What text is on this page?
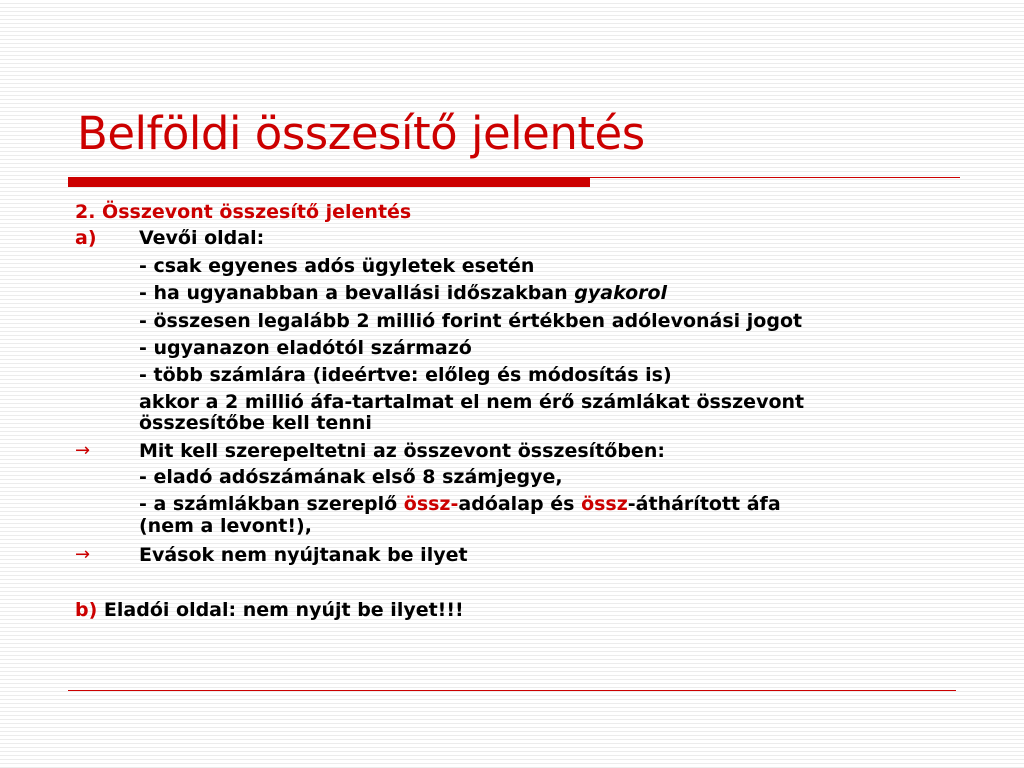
Belföldi összesítő jelentés
2. Összevont összesítő jelentés
a) Vevői oldal:
- csak egyenes adós ügyletek esetén
- ha ugyanabban a bevallási időszakban gyakorol
- összesen legalább 2 millió forint értékben adólevonási jogot
- ugyanazon eladótól származó
- több számlára (ideértve: előleg és módosítás is)
akkor a 2 millió áfa-tartalmat el nem érő számlákat összevont
összesítőbe kell tenni
→	Mit kell szerepeltetni az összevont összesítőben:
- eladó adószámának első 8 számjegye,
- a számlákban szereplő össz-adóalap és össz-áthárított áfa
(nem a levont!),
→	Evások nem nyújtanak be ilyet
b) Eladói oldal: nem nyújt be ilyet!!!
